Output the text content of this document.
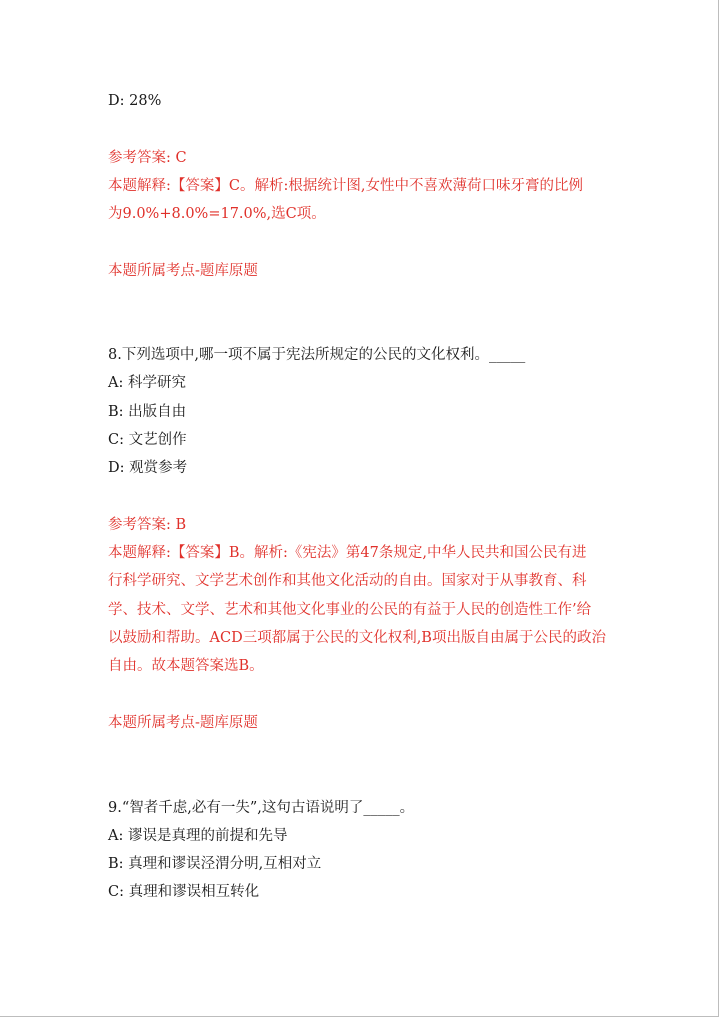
D: 28%
参考答案: C
本题解释:【答案】C。解析:根据统计图,女性中不喜欢薄荷口味牙膏的比例
为9.0%+8.0%=17.0%,选C项。
本题所属考点-题库原题
8.下列选项中,哪一项不属于宪法所规定的公民的文化权利。_____
A: 科学研究
B: 出版自由
C: 文艺创作
D: 观赏参考
参考答案: B
本题解释:【答案】B。解析:《宪法》第47条规定,中华人民共和国公民有进
行科学研究、文学艺术创作和其他文化活动的自由。国家对于从事教育、科
学、技术、文学、艺术和其他文化事业的公民的有益于人民的创造性工作’给
以鼓励和帮助。ACD三项都属于公民的文化权利,B项出版自由属于公民的政治
自由。故本题答案选B。
本题所属考点-题库原题
9.“智者千虑,必有一失”,这句古语说明了_____。
A: 谬误是真理的前提和先导
B: 真理和谬误泾渭分明,互相对立
C: 真理和谬误相互转化
